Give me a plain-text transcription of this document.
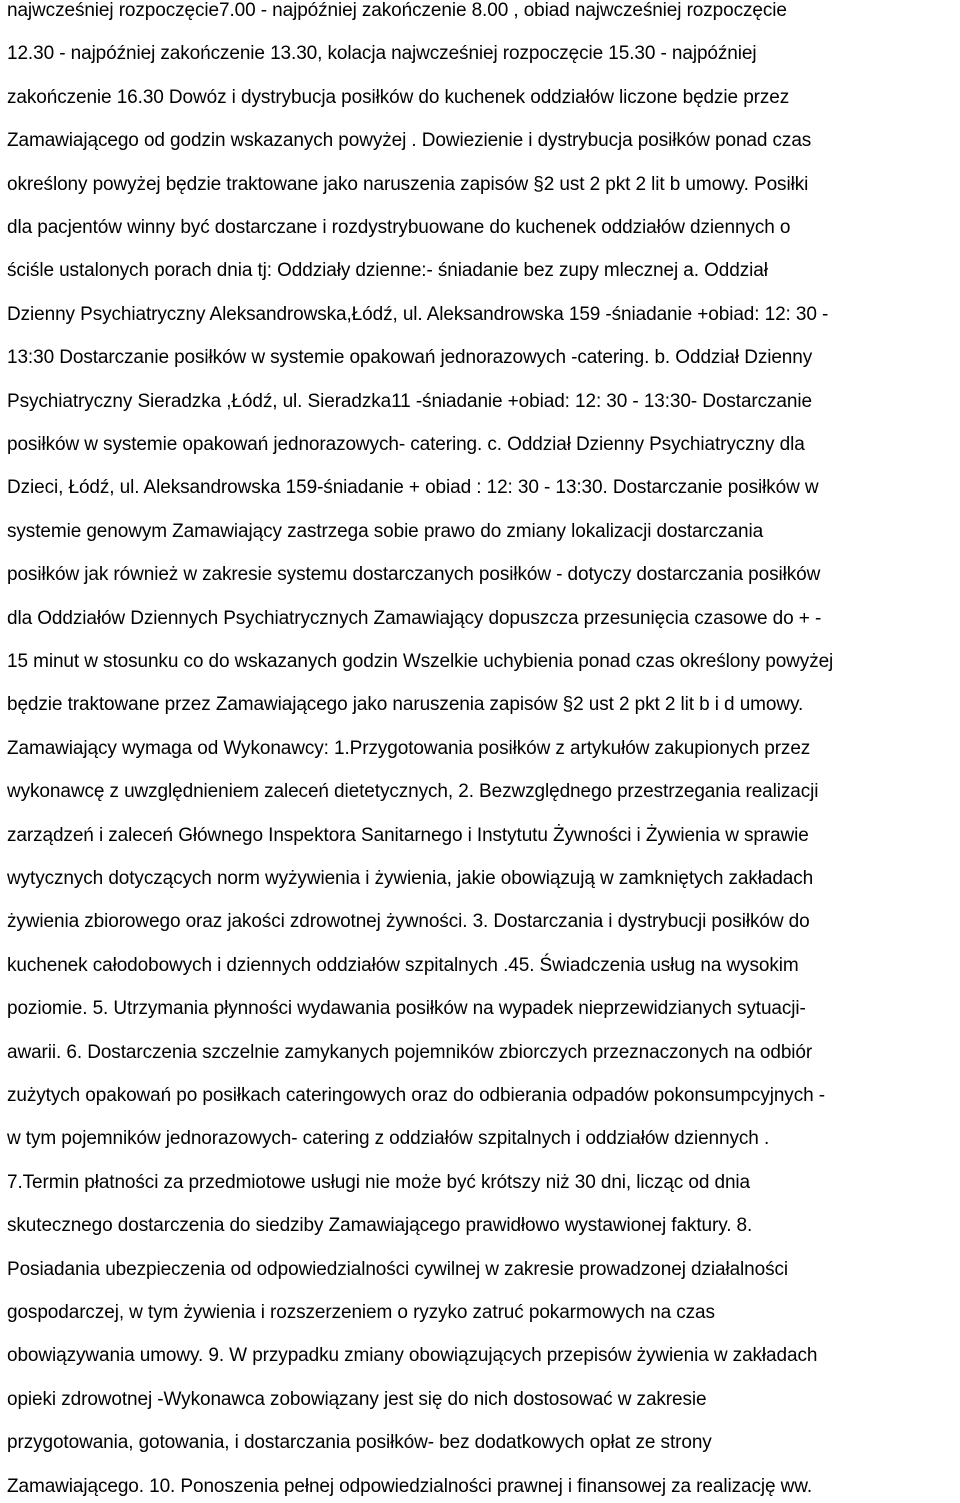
najwcześniej rozpoczęcie7.00 - najpóźniej zakończenie 8.00 , obiad najwcześniej rozpoczęcie
12.30 - najpóźniej zakończenie 13.30, kolacja najwcześniej rozpoczęcie 15.30 - najpóźniej
zakończenie 16.30 Dowóz i dystrybucja posiłków do kuchenek oddziałów liczone będzie przez
Zamawiającego od godzin wskazanych powyżej . Dowiezienie i dystrybucja posiłków ponad czas
określony powyżej będzie traktowane jako naruszenia zapisów §2 ust 2 pkt 2 lit b umowy. Posiłki
dla pacjentów winny być dostarczane i rozdystrybuowane do kuchenek oddziałów dziennych o
ściśle ustalonych porach dnia tj: Oddziały dzienne:- śniadanie bez zupy mlecznej a. Oddział
Dzienny Psychiatryczny Aleksandrowska,Łódź, ul. Aleksandrowska 159 -śniadanie +obiad: 12: 30 -
13:30 Dostarczanie posiłków w systemie opakowań jednorazowych -catering. b. Oddział Dzienny
Psychiatryczny Sieradzka ,Łódź, ul. Sieradzka11 -śniadanie +obiad: 12: 30 - 13:30- Dostarczanie
posiłków w systemie opakowań jednorazowych- catering. c. Oddział Dzienny Psychiatryczny dla
Dzieci, Łódź, ul. Aleksandrowska 159-śniadanie + obiad : 12: 30 - 13:30. Dostarczanie posiłków w
systemie genowym Zamawiający zastrzega sobie prawo do zmiany lokalizacji dostarczania
posiłków jak również w zakresie systemu dostarczanych posiłków - dotyczy dostarczania posiłków
dla Oddziałów Dziennych Psychiatrycznych Zamawiający dopuszcza przesunięcia czasowe do + -
15 minut w stosunku co do wskazanych godzin Wszelkie uchybienia ponad czas określony powyżej
będzie traktowane przez Zamawiającego jako naruszenia zapisów §2 ust 2 pkt 2 lit b i d umowy.
Zamawiający wymaga od Wykonawcy: 1.Przygotowania posiłków z artykułów zakupionych przez
wykonawcę z uwzględnieniem zaleceń dietetycznych, 2. Bezwzględnego przestrzegania realizacji
zarządzeń i zaleceń Głównego Inspektora Sanitarnego i Instytutu Żywności i Żywienia w sprawie
wytycznych dotyczących norm wyżywienia i żywienia, jakie obowiązują w zamkniętych zakładach
żywienia zbiorowego oraz jakości zdrowotnej żywności. 3. Dostarczania i dystrybucji posiłków do
kuchenek całodobowych i dziennych oddziałów szpitalnych .45. Świadczenia usług na wysokim
poziomie. 5. Utrzymania płynności wydawania posiłków na wypadek nieprzewidzianych sytuacji-
awarii. 6. Dostarczenia szczelnie zamykanych pojemników zbiorczych przeznaczonych na odbiór
zużytych opakowań po posiłkach cateringowych oraz do odbierania odpadów pokonsumpcyjnych -
w tym pojemników jednorazowych- catering z oddziałów szpitalnych i oddziałów dziennych .
7.Termin płatności za przedmiotowe usługi nie może być krótszy niż 30 dni, licząc od dnia
skutecznego dostarczenia do siedziby Zamawiającego prawidłowo wystawionej faktury. 8.
Posiadania ubezpieczenia od odpowiedzialności cywilnej w zakresie prowadzonej działalności
gospodarczej, w tym żywienia i rozszerzeniem o ryzyko zatruć pokarmowych na czas
obowiązywania umowy. 9. W przypadku zmiany obowiązujących przepisów żywienia w zakładach
opieki zdrowotnej -Wykonawca zobowiązany jest się do nich dostosować w zakresie
przygotowania, gotowania, i dostarczania posiłków- bez dodatkowych opłat ze strony
Zamawiającego. 10. Ponoszenia pełnej odpowiedzialności prawnej i finansowej za realizację ww.
